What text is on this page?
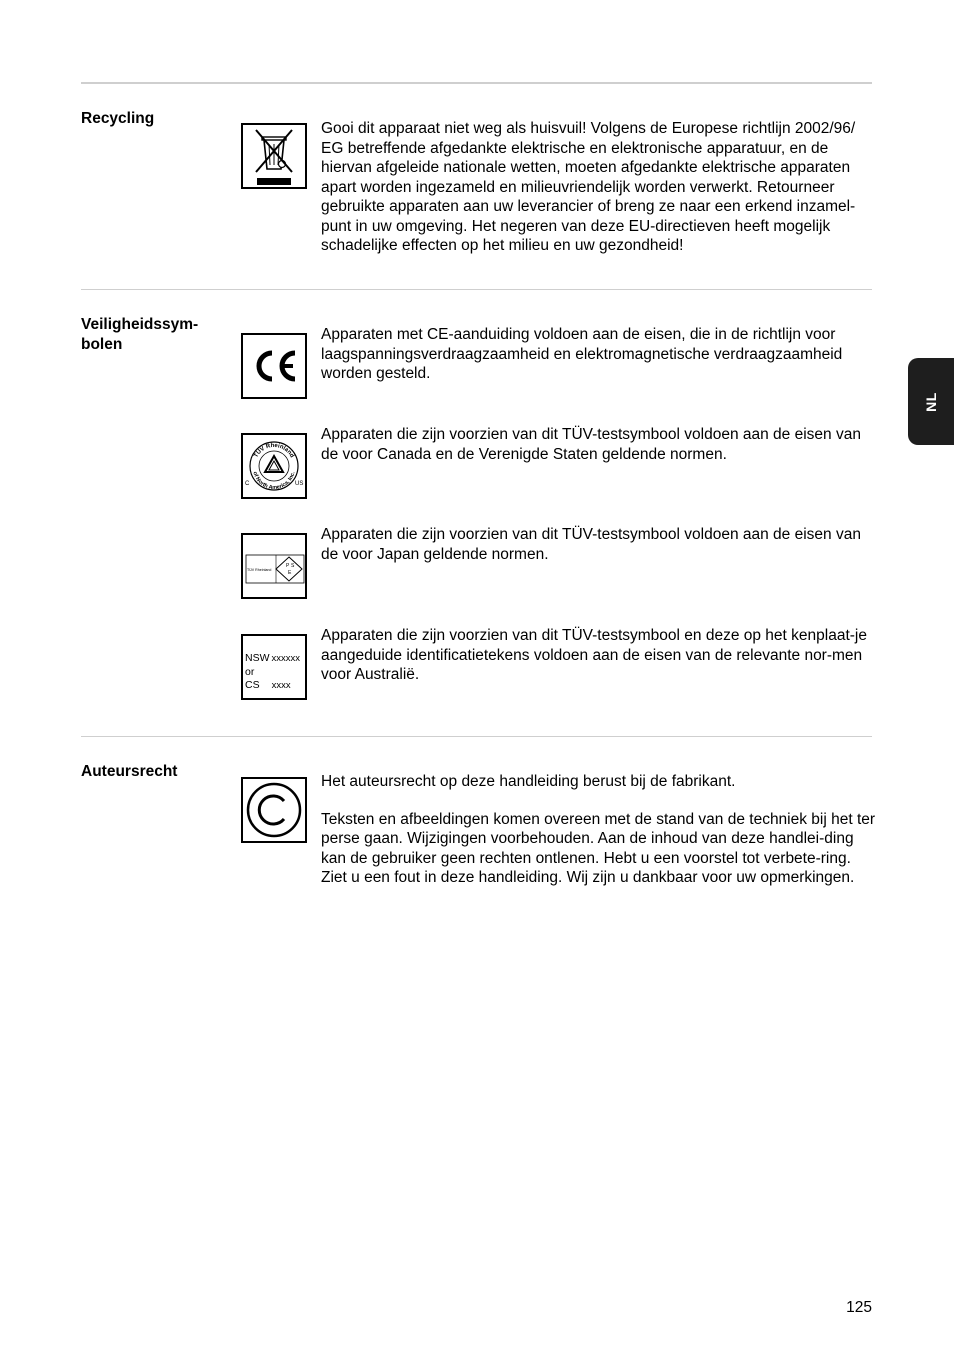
NL
Recycling

Gooi dit apparaat niet weg als huisvuil! Volgens de Europese richtlijn 2002/96/ EG betreffende afgedankte elektrische en elektronische apparatuur, en de hiervan afgeleide nationale wetten, moeten afgedankte elektrische apparaten apart worden ingezameld en milieuvriendelijk worden verwerkt. Retourneer gebruikte apparaten aan uw leverancier of breng ze naar een erkend inzamel-punt in uw omgeving. Het negeren van deze EU-directieven heeft mogelijk schadelijke effecten op het milieu en uw gezondheid!

Veiligheidssym-bolen

Apparaten met CE-aanduiding voldoen aan de eisen, die in de richtlijn voor laagspanningsverdraagzaamheid en elektromagnetische verdraagzaamheid worden gesteld.

TÜV Rheinland
of North America, Inc.
C	US

Apparaten die zijn voorzien van dit TÜV-testsymbool voldoen aan de eisen van de voor Canada en de Verenigde Staten geldende normen.

TÜV Rheinland
P S
E

Apparaten die zijn voorzien van dit TÜV-testsymbool voldoen aan de eisen van de voor Japan geldende normen.

NSW xxxxxx
or
CS xxxx

Apparaten die zijn voorzien van dit TÜV-testsymbool en deze op het kenplaat-je aangeduide identificatietekens voldoen aan de eisen van de relevante nor-men voor Australië.

Auteursrecht

Het auteursrecht op deze handleiding berust bij de fabrikant.

Teksten en afbeeldingen komen overeen met de stand van de techniek bij het ter perse gaan. Wijzigingen voorbehouden. Aan de inhoud van deze handlei-ding kan de gebruiker geen rechten ontlenen. Hebt u een voorstel tot verbete-ring. Ziet u een fout in deze handleiding. Wij zijn u dankbaar voor uw opmerkingen.

125
